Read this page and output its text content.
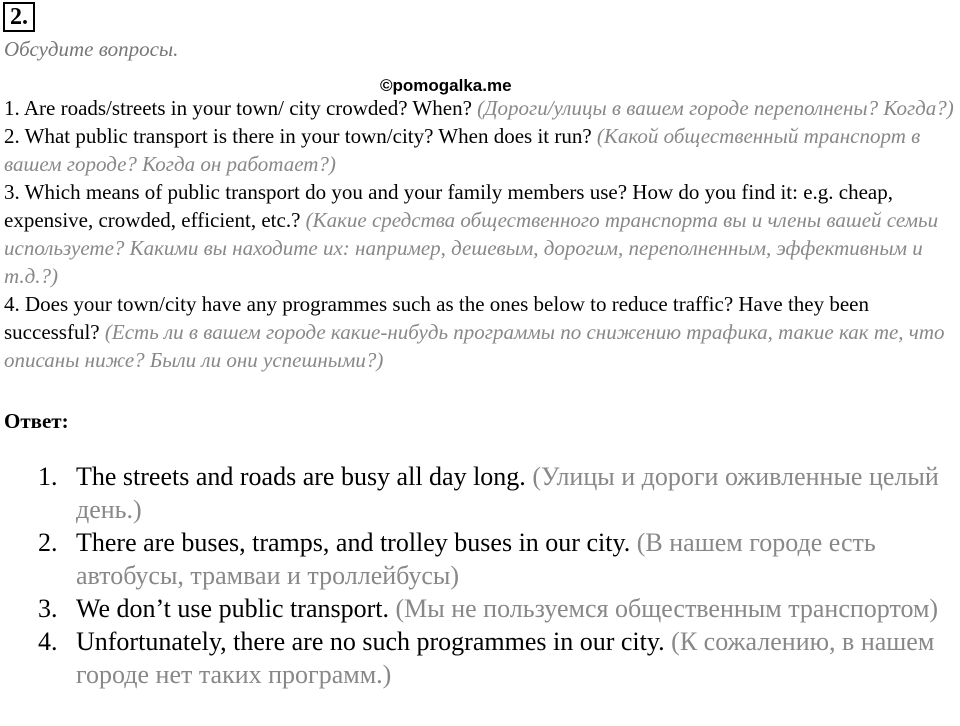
2.
Обсудите вопросы.
©pomogalka.me

1. Are roads/streets in your town/ city crowded? When? (Дороги/улицы в вашем городе переполнены? Когда?)

2. What public transport is there in your town/city? When does it run? (Какой общественный транспорт в вашем городе? Когда он работает?)

3. Which means of public transport do you and your family members use? How do you find it: e.g. cheap, expensive, crowded, efficient, etc.? (Какие средства общественного транспорта вы и члены вашей семьи используете? Какими вы находите их: например, дешевым, дорогим, переполненным, эффективным и т.д.?)

4. Does your town/city have any programmes such as the ones below to reduce traffic? Have they been successful? (Есть ли в вашем городе какие-нибудь программы по снижению трафика, такие как те, что описаны ниже? Были ли они успешными?)

Ответ:
1. The streets and roads are busy all day long. (Улицы и дороги оживленные целый день.)
2. There are buses, tramps, and trolley buses in our city. (В нашем городе есть автобусы, трамваи и троллейбусы)
3. We don’t use public transport. (Мы не пользуемся общественным транспортом)
4. Unfortunately, there are no such programmes in our city. (К сожалению, в нашем городе нет таких программ.)
